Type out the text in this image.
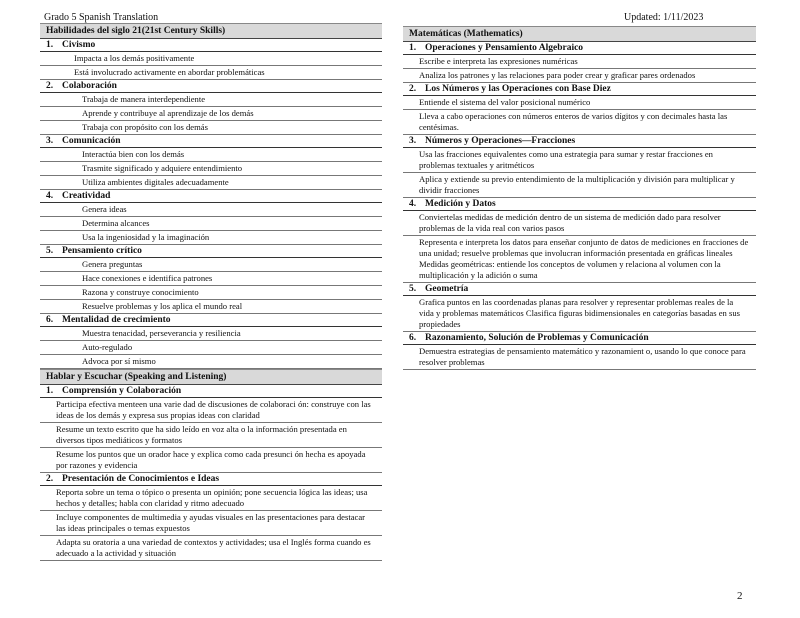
Grado 5 Spanish Translation	Updated: 1/11/2023
Habilidades del siglo 21(21st Century Skills)
1. Civismo
Impacta a los demás positivamente
Está involucrado activamente en abordar problemáticas
2. Colaboración
Trabaja de manera interdependiente
Aprende y contribuye al aprendizaje de los demás
Trabaja con propósito con los demás
3. Comunicación
Interactúa bien con los demás
Trasmite significado y adquiere entendimiento
Utiliza ambientes digitales adecuadamente
4. Creatividad
Genera ideas
Determina alcances
Usa la ingeniosidad y la imaginación
5. Pensamiento crítico
Genera preguntas
Hace conexiones e identifica patrones
Razona y construye conocimiento
Resuelve problemas y los aplica el mundo real
6. Mentalidad de crecimiento
Muestra tenacidad, perseverancia y resiliencia
Auto-regulado
Advoca por sí mismo
Hablar y Escuchar (Speaking and Listening)
1. Comprensión y Colaboración
Participa efectiva menteen una varie dad de discusiones de colaboraci ón: construye con las ideas de los demás y expresa sus propias ideas con claridad
Resume un texto escrito que ha sido leído en voz alta o la información presentada en diversos tipos mediáticos y formatos
Resume los puntos que un orador hace y explica como cada presunci ón hecha es apoyada por razones y evidencia
2. Presentación de Conocimientos e Ideas
Reporta sobre un tema o tópico o presenta un opinión; pone secuencia lógica las ideas; usa hechos y detalles; habla con claridad y ritmo adecuado
Incluye componentes de multimedia y ayudas visuales en las presentaciones para destacar las ideas principales o temas expuestos
Adapta su oratoria a una variedad de contextos y actividades; usa el Inglés forma cuando es adecuado a la actividad y situación
Matemáticas (Mathematics)
1. Operaciones y Pensamiento Algebraico
Escribe e interpreta las expresiones numéricas
Analiza los patrones y las relaciones para poder crear y graficar pares ordenados
2. Los Números y las Operaciones con Base Diez
Entiende el sistema del valor posicional numérico
Lleva a cabo operaciones con números enteros de varios dígitos y con decimales hasta las centésimas.
3. Números y Operaciones—Fracciones
Usa las fracciones equivalentes como una estrategia para sumar y restar fracciones en problemas textuales y aritméticos
Aplica y extiende su previo entendimiento de la multiplicación y división para multiplicar y dividir fracciones
4. Medición y Datos
Conviertelas medidas de medición dentro de un sistema de medición dado para resolver problemas de la vida real con varios pasos
Representa e interpreta los datos para enseñar conjunto de datos de mediciones en fracciones de una unidad; resuelve problemas que involucran información presentada en gráficas lineales Medidas geométricas: entiende los conceptos de volumen y relaciona al volumen con la multiplicación y la adición o suma
5. Geometría
Grafica puntos en las coordenadas planas para resolver y representar problemas reales de la vida y problemas matemáticos Clasifica figuras bidimensionales en categorías basadas en sus propiedades
6. Razonamiento, Solución de Problemas y Comunicación
Demuestra estrategias de pensamiento matemático y razonamient o, usando lo que conoce para resolver problemas
2
